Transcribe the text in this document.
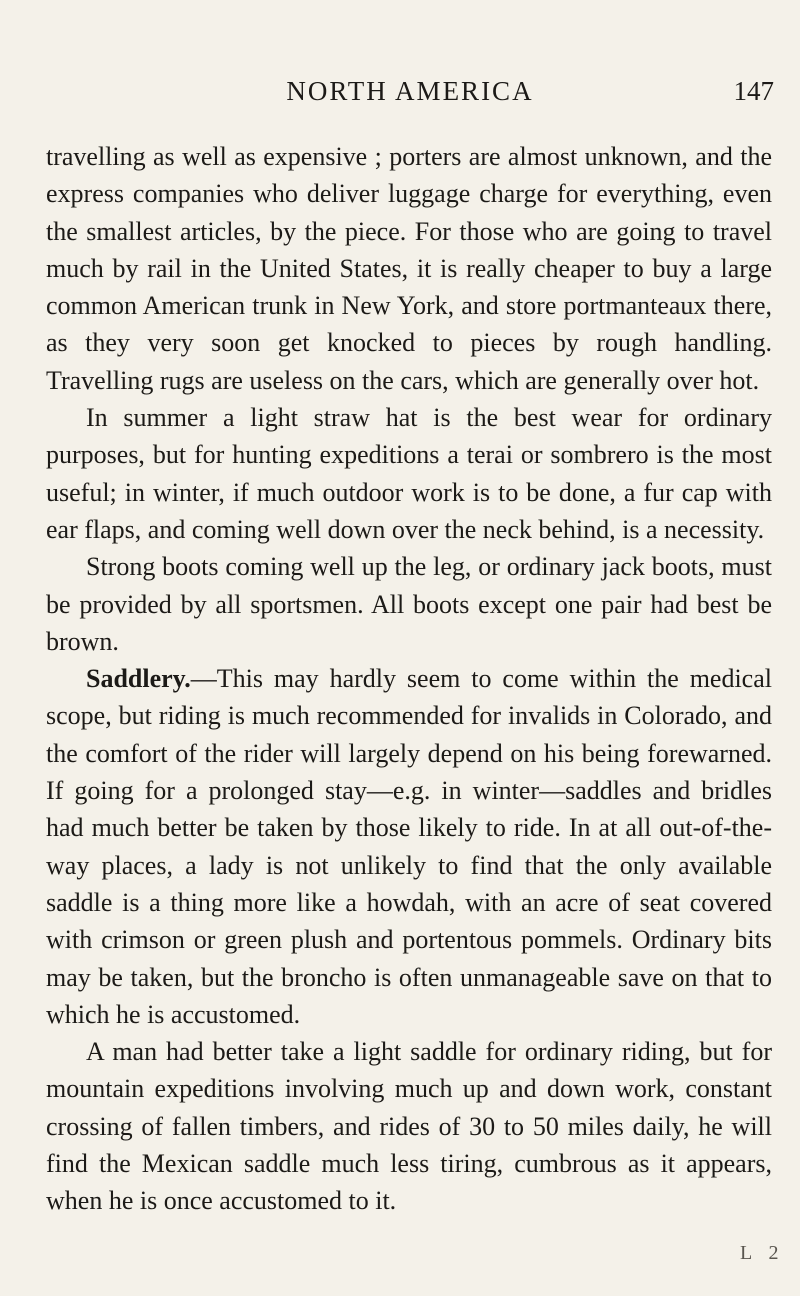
NORTH AMERICA	147

travelling as well as expensive ; porters are almost unknown, and the express companies who deliver luggage charge for everything, even the smallest articles, by the piece. For those who are going to travel much by rail in the United States, it is really cheaper to buy a large common American trunk in New York, and store portmanteaux there, as they very soon get knocked to pieces by rough handling. Travelling rugs are useless on the cars, which are generally over hot.

In summer a light straw hat is the best wear for ordinary purposes, but for hunting expeditions a terai or sombrero is the most useful; in winter, if much outdoor work is to be done, a fur cap with ear flaps, and coming well down over the neck behind, is a necessity.

Strong boots coming well up the leg, or ordinary jack boots, must be provided by all sportsmen. All boots except one pair had best be brown.

Saddlery.—This may hardly seem to come within the medical scope, but riding is much recommended for invalids in Colorado, and the comfort of the rider will largely depend on his being forewarned. If going for a prolonged stay—e.g. in winter—saddles and bridles had much better be taken by those likely to ride. In at all out-of-the-way places, a lady is not unlikely to find that the only available saddle is a thing more like a howdah, with an acre of seat covered with crimson or green plush and portentous pommels. Ordinary bits may be taken, but the broncho is often unmanageable save on that to which he is accustomed.

A man had better take a light saddle for ordinary riding, but for mountain expeditions involving much up and down work, constant crossing of fallen timbers, and rides of 30 to 50 miles daily, he will find the Mexican saddle much less tiring, cumbrous as it appears, when he is once accustomed to it.

L 2
